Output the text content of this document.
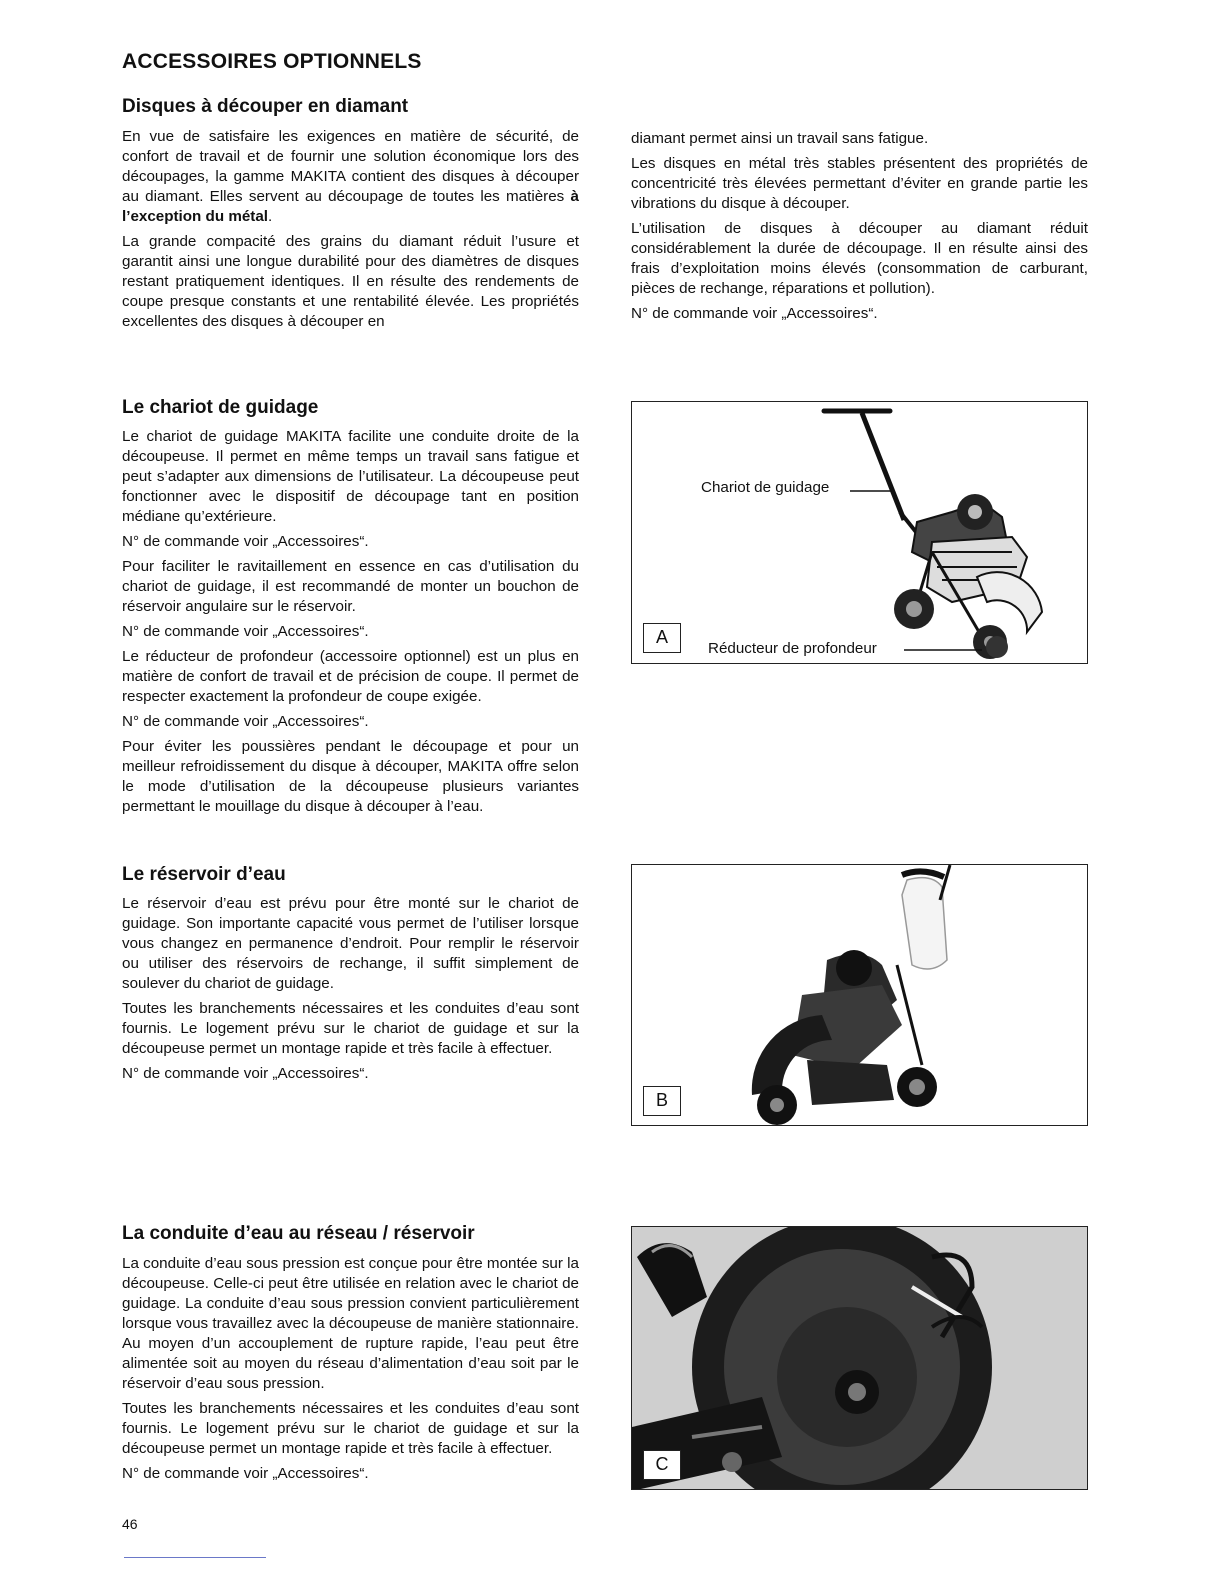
ACCESSOIRES OPTIONNELS
Disques à découper en diamant

En vue de satisfaire les exigences en matière de sécurité, de confort de travail et de fournir une solution économique lors des découpages, la gamme MAKITA contient des disques à découper au diamant. Elles servent au découpage de toutes les matières à l’exception du métal.

La grande compacité des grains du diamant réduit l’usure et garantit ainsi une longue durabilité pour des diamètres de disques restant pratiquement identiques. Il en résulte des rendements de coupe presque constants et une rentabilité élevée. Les propriétés excellentes des disques à découper en

diamant permet ainsi un travail sans fatigue.

Les disques en métal très stables présentent des propriétés de concentricité très élevées permettant d’éviter en grande partie les vibrations du disque à découper.

L’utilisation de disques à découper au diamant réduit considérablement la durée de découpage. Il en résulte ainsi des frais d’exploitation moins élevés (consommation de carburant, pièces de rechange, réparations et pollution).

N° de commande voir „Accessoires“.

Le chariot de guidage

Le chariot de guidage MAKITA facilite une conduite droite de la découpeuse. Il permet en même temps un travail sans fatigue et peut s’adapter aux dimensions de l’utilisateur. La découpeuse peut fonctionner avec le dispositif de découpage tant en position médiane qu’extérieure.

N° de commande voir „Accessoires“.

Pour faciliter le ravitaillement en essence en cas d’utilisation du chariot de guidage, il est recommandé de monter un bouchon de réservoir angulaire sur le réservoir.

N° de commande voir „Accessoires“.

Le réducteur de profondeur (accessoire optionnel) est un plus en matière de confort de travail et de précision de coupe. Il permet de respecter exactement la profondeur de coupe exigée.

N° de commande voir „Accessoires“.

Pour éviter les poussières pendant le découpage et pour un meilleur refroidissement du disque à découper, MAKITA offre selon le mode d’utilisation de la découpeuse plusieurs variantes permettant le mouillage du disque à découper à l’eau.

Chariot de guidage
Réducteur de profondeur
A
Le réservoir d’eau

Le réservoir d’eau est prévu pour être monté sur le chariot de guidage. Son importante capacité vous permet de l’utiliser lorsque vous changez en permanence d’endroit. Pour remplir le réservoir ou utiliser des réservoirs de rechange, il suffit simplement de soulever du chariot de guidage.

Toutes les branchements nécessaires et les conduites d’eau sont fournis. Le logement prévu sur le chariot de guidage et sur la découpeuse permet un montage rapide et très facile à effectuer.

N° de commande voir „Accessoires“.

B
La conduite d’eau au réseau / réservoir

La conduite d’eau sous pression est conçue pour être montée sur la découpeuse. Celle-ci peut être utilisée en relation avec le chariot de guidage. La conduite d’eau sous pression convient particulièrement lorsque vous travaillez avec la découpeuse de manière stationnaire. Au moyen d’un accouplement de rupture rapide, l’eau peut être alimentée soit au moyen du réseau d’alimentation d’eau soit par le réservoir d’eau sous pression.

Toutes les branchements nécessaires et les conduites d’eau sont fournis. Le logement prévu sur le chariot de guidage et sur la découpeuse permet un montage rapide et très facile à effectuer.

N° de commande voir „Accessoires“.	C
46
